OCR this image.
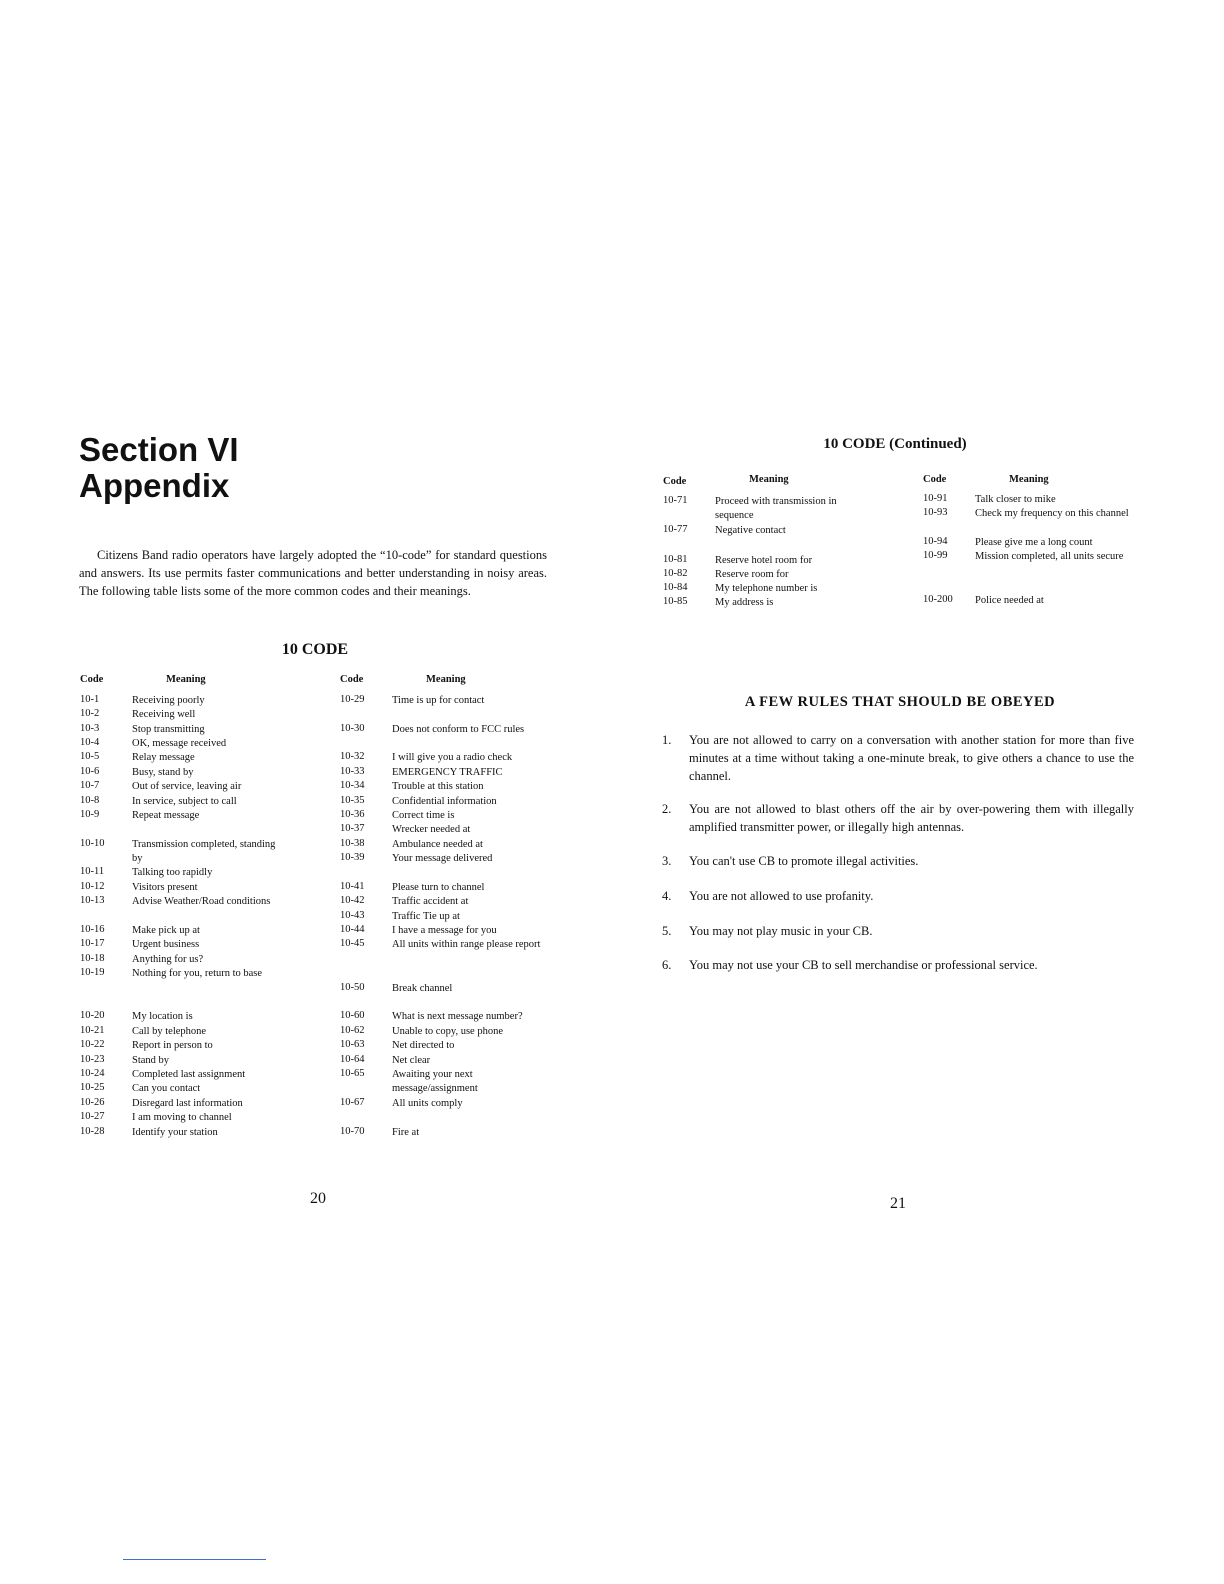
Section VI
Appendix

Citizens Band radio operators have largely adopted the “10-code” for standard questions and answers. Its use permits faster communications and better understanding in noisy areas. The following table lists some of the more common codes and their meanings.

10 CODE
Code	Meaning
10-1	Receiving poorly
10-2	Receiving well
10-3	Stop transmitting
10-4	OK, message received
10-5	Relay message
10-6	Busy, stand by
10-7	Out of service, leaving air
10-8	In service, subject to call
10-9	Repeat message
10-10	Transmission completed, standing by
10-11	Talking too rapidly
10-12	Visitors present
10-13	Advise Weather/Road conditions
10-16	Make pick up at
10-17	Urgent business
10-18	Anything for us?
10-19	Nothing for you, return to base
10-20	My location is
10-21	Call by telephone
10-22	Report in person to
10-23	Stand by
10-24	Completed last assignment
10-25	Can you contact
10-26	Disregard last information
10-27	I am moving to channel
10-28	Identify your station
Code	Meaning
10-29	Time is up for contact
10-30	Does not conform to FCC rules
10-32	I will give you a radio check
10-33	EMERGENCY TRAFFIC
10-34	Trouble at this station
10-35	Confidential information
10-36	Correct time is
10-37	Wrecker needed at
10-38	Ambulance needed at
10-39	Your message delivered
10-41	Please turn to channel
10-42	Traffic accident at
10-43	Traffic Tie up at
10-44	I have a message for you
10-45	All units within range please report
10-50	Break channel
10-60	What is next message number?
10-62	Unable to copy, use phone
10-63	Net directed to
10-64	Net clear
10-65	Awaiting your next message/assignment
10-67	All units comply
10-70	Fire at
20
10 CODE (Continued)
Code	Meaning
10-71	Proceed with transmission in sequence
10-77	Negative contact
10-81	Reserve hotel room for
10-82	Reserve room for
10-84	My telephone number is
10-85	My address is
Code	Meaning
10-91	Talk closer to mike
10-93	Check my frequency on this channel
10-94	Please give me a long count
10-99	Mission completed, all units secure
10-200 Police needed at
A FEW RULES THAT SHOULD BE OBEYED
1. You are not allowed to carry on a conversation with another station for more than five minutes at a time without taking a one-minute break, to give others a chance to use the channel.
2. You are not allowed to blast others off the air by over-powering them with illegally amplified transmitter power, or illegally high antennas.
3. You can't use CB to promote illegal activities.
4. You are not allowed to use profanity.
5. You may not play music in your CB.
6. You may not use your CB to sell merchandise or professional service.
21
